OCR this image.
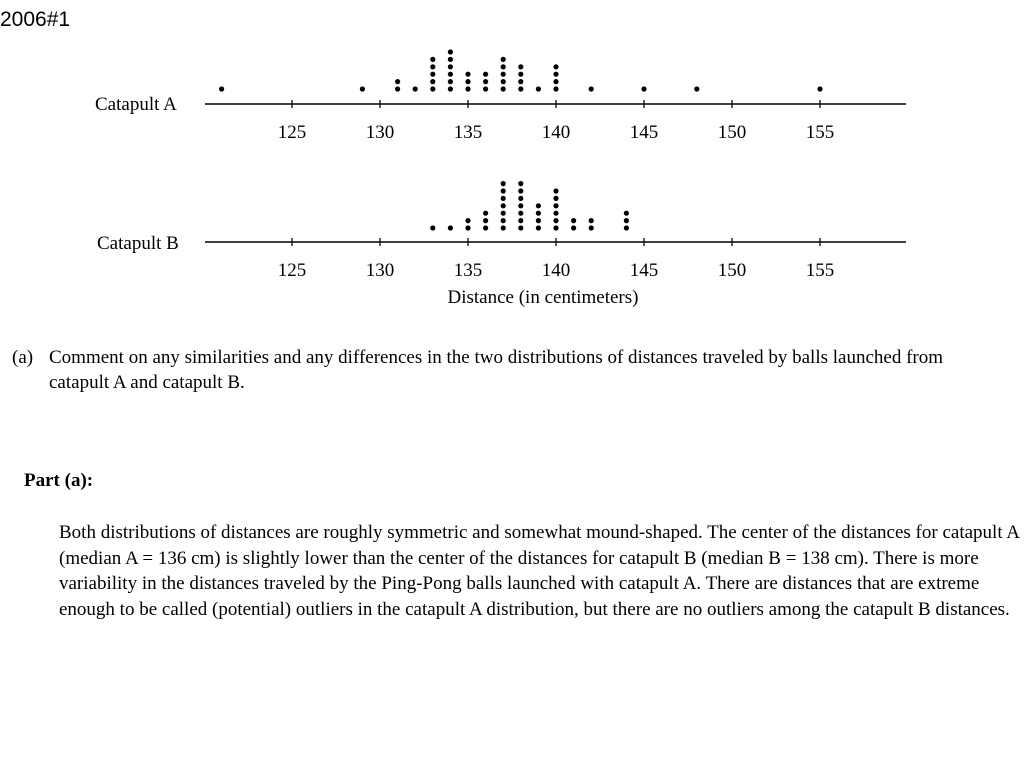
2006#1
Catapult A
125	130	135	140	145	150	155
Catapult B
125	130	135	140	145	150	155
Distance (in centimeters)
(a) Comment on any similarities and any differences in the two distributions of distances traveled by balls launched from catapult A and catapult B.
Part (a):
Both distributions of distances are roughly symmetric and somewhat mound-shaped. The center of the distances for catapult A (median A = 136 cm) is slightly lower than the center of the distances for catapult B (median B = 138 cm). There is more variability in the distances traveled by the Ping-Pong balls launched with catapult A. There are distances that are extreme enough to be called (potential) outliers in the catapult A distribution, but there are no outliers among the catapult B distances.
